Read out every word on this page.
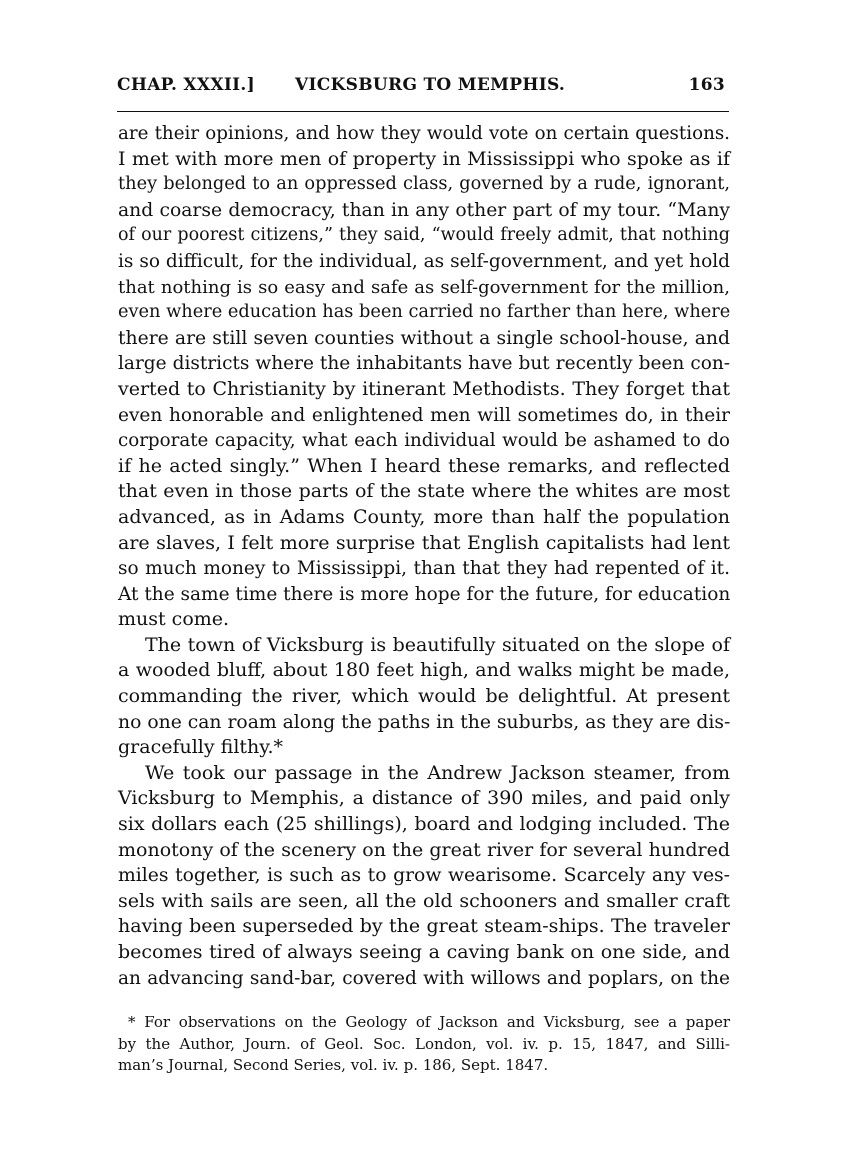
CHAP. XXXII.] VICKSBURG TO MEMPHIS.	163
are their opinions, and how they would vote on certain questions.
I met with more men of property in Mississippi who spoke as if
they belonged to an oppressed class, governed by a rude, ignorant,
and coarse democracy, than in any other part of my tour. “Many
of our poorest citizens,” they said, “would freely admit, that nothing
is so difficult, for the individual, as self-government, and yet hold
that nothing is so easy and safe as self-government for the million,
even where education has been carried no farther than here, where
there are still seven counties without a single school-house, and
large districts where the inhabitants have but recently been con-
verted to Christianity by itinerant Methodists. They forget that
even honorable and enlightened men will sometimes do, in their
corporate capacity, what each individual would be ashamed to do
if he acted singly.” When I heard these remarks, and reflected
that even in those parts of the state where the whites are most
advanced, as in Adams County, more than half the population
are slaves, I felt more surprise that English capitalists had lent
so much money to Mississippi, than that they had repented of it.
At the same time there is more hope for the future, for education
must come.
The town of Vicksburg is beautifully situated on the slope of
a wooded bluff, about 180 feet high, and walks might be made,
commanding the river, which would be delightful. At present
no one can roam along the paths in the suburbs, as they are dis-
gracefully filthy.*
We took our passage in the Andrew Jackson steamer, from
Vicksburg to Memphis, a distance of 390 miles, and paid only
six dollars each (25 shillings), board and lodging included. The
monotony of the scenery on the great river for several hundred
miles together, is such as to grow wearisome. Scarcely any ves-
sels with sails are seen, all the old schooners and smaller craft
having been superseded by the great steam-ships. The traveler
becomes tired of always seeing a caving bank on one side, and
an advancing sand-bar, covered with willows and poplars, on the
* For observations on the Geology of Jackson and Vicksburg, see a paper
by the Author, Journ. of Geol. Soc. London, vol. iv. p. 15, 1847, and Silli-
man’s Journal, Second Series, vol. iv. p. 186, Sept. 1847.
